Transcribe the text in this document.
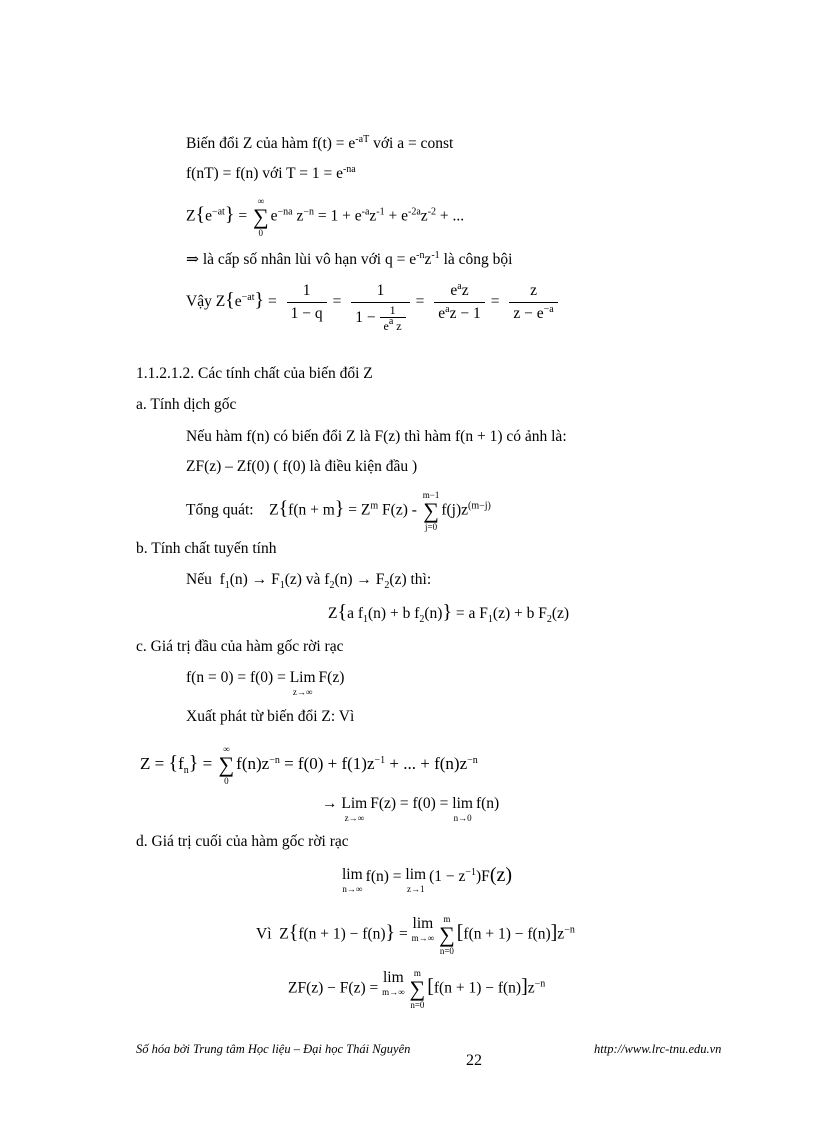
Biến đổi Z của hàm $f(t) = e^{-aT}$ với a = const
f(nT) = f(n) với $T = 1 = e^{-na}$
$Z\{e^{-at}\}$ =
∞
∑
0
$e^{-na}$ $z^{-n} = 1 + e^{-a}z^{-1} + e^{-2a}z^{-2}$ + ...
⇒ là cấp số nhân lùi vô hạn với $q = e^{-n}z^{-1}$ là công bội
Vậy $Z\{e^{-at}\} = \frac{1}{1 - q} = \frac{1}{1 - \frac{1}{e^a z}} = \frac{e^az}{e^az - 1} = \frac{z}{z - e^{-a}}$
1.1.2.1.2. Các tính chất của biến đổi Z
a. Tính dịch gốc
Nếu hàm f(n) có biến đổi Z là F(z) thì hàm f(n + 1) có ảnh là:
ZF(z) – Zf(0) ( f(0) là điều kiện đầu )
Tổng quát: $Z\{f(n + m\} = Z^m$ F(z) -
m−1
∑
j=0
$f(j)z^{(m-j)}$
b. Tính chất tuyến tính
Nếu $f_1(n) \to F_1(z)$ và $f_2(n) \to F_2(z)$ thì:
Z{a $f_1(n) + b$ $f_2(n)\} = a$ $F_1(z) + b$ $F_2(z)$
c. Giá trị đầu của hàm gốc rời rạc
f(n = 0) = f(0) = Lim
z→∞
F(z)
Xuất phát từ biến đổi Z: Vì
$Z = \{f_n\}$ =
∞
∑
0
$f(n)z^{-n} = f(0) + f(1)z^{-1}$ + ... + $f(n)z^{-n}$
→ Lim
z→∞
F(z) = f(0) = lim
n→0
f(n)
d. Giá trị cuối của hàm gốc rời rạc
lim
n→∞
f(n) = lim
z→1
$(1 - z^{-1})F(z)$
Vì Z{f(n + 1) − f(n)} =
lim
m→∞
m
∑
n=0
$[f(n + 1) - f(n)]z^{-n}$
ZF(z) − F(z) =
lim
m→∞
m
∑
n=0
$[f(n + 1) - f(n)]z^{-n}$
Số hóa bởi Trung tâm Học liệu – Đại học Thái Nguyên
22
http://www.lrc-tnu.edu.vn
